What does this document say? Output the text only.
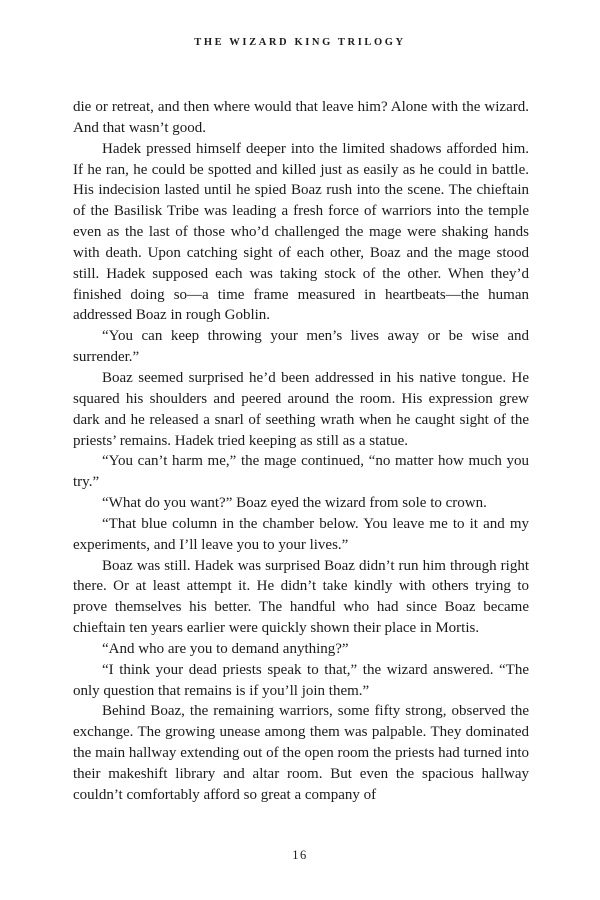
THE WIZARD KING TRILOGY

die or retreat, and then where would that leave him? Alone with the wizard. And that wasn’t good.

Hadek pressed himself deeper into the limited shadows afforded him. If he ran, he could be spotted and killed just as easily as he could in battle. His indecision lasted until he spied Boaz rush into the scene. The chieftain of the Basilisk Tribe was leading a fresh force of warriors into the temple even as the last of those who’d challenged the mage were shaking hands with death. Upon catching sight of each other, Boaz and the mage stood still. Hadek supposed each was taking stock of the other. When they’d finished doing so—a time frame measured in heartbeats—the human addressed Boaz in rough Goblin.

“You can keep throwing your men’s lives away or be wise and surrender.”

Boaz seemed surprised he’d been addressed in his native tongue. He squared his shoulders and peered around the room. His expression grew dark and he released a snarl of seething wrath when he caught sight of the priests’ remains. Hadek tried keeping as still as a statue.

“You can’t harm me,” the mage continued, “no matter how much you try.”

“What do you want?” Boaz eyed the wizard from sole to crown.

“That blue column in the chamber below. You leave me to it and my experiments, and I’ll leave you to your lives.”

Boaz was still. Hadek was surprised Boaz didn’t run him through right there. Or at least attempt it. He didn’t take kindly with others trying to prove themselves his better. The handful who had since Boaz became chieftain ten years earlier were quickly shown their place in Mortis.

“And who are you to demand anything?”

“I think your dead priests speak to that,” the wizard answered. “The only question that remains is if you’ll join them.”

Behind Boaz, the remaining warriors, some fifty strong, observed the exchange. The growing unease among them was palpable. They dominated the main hallway extending out of the open room the priests had turned into their makeshift library and altar room. But even the spacious hallway couldn’t comfortably afford so great a company of

16
